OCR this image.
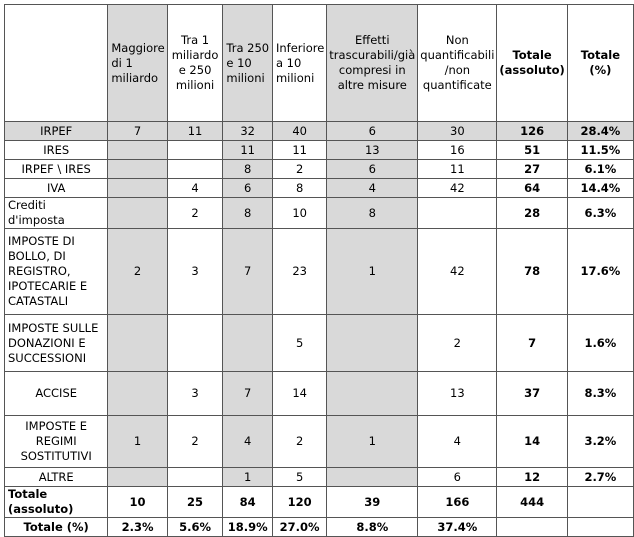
	Maggiore di 1 miliardo	Tra 1 miliardo e 250 milioni	Tra 250 e 10 milioni	Inferiore a 10 milioni	Effetti trascurabili/già compresi in altre misure	Non quantificabili /non quantificate	Totale (assoluto)	Totale (%)
IRPEF	7	11	32	40	6	30	126	28.4%
IRES			11	11	13	16	51	11.5%
IRPEF \ IRES			8	2	6	11	27	6.1%
IVA		4	6	8	4	42	64	14.4%
Crediti d'imposta		2	8	10	8		28	6.3%
IMPOSTE DI BOLLO, DI REGISTRO, IPOTECARIE E CATASTALI	2	3	7	23	1	42	78	17.6%
IMPOSTE SULLE DONAZIONI E SUCCESSIONI				5		2	7	1.6%
ACCISE		3	7	14		13	37	8.3%
IMPOSTE E REGIMI SOSTITUTIVI	1	2	4	2	1	4	14	3.2%
ALTRE			1	5		6	12	2.7%
Totale (assoluto)	10	25	84	120	39	166	444	
Totale (%)	2.3%	5.6%	18.9%	27.0%	8.8%	37.4%		
